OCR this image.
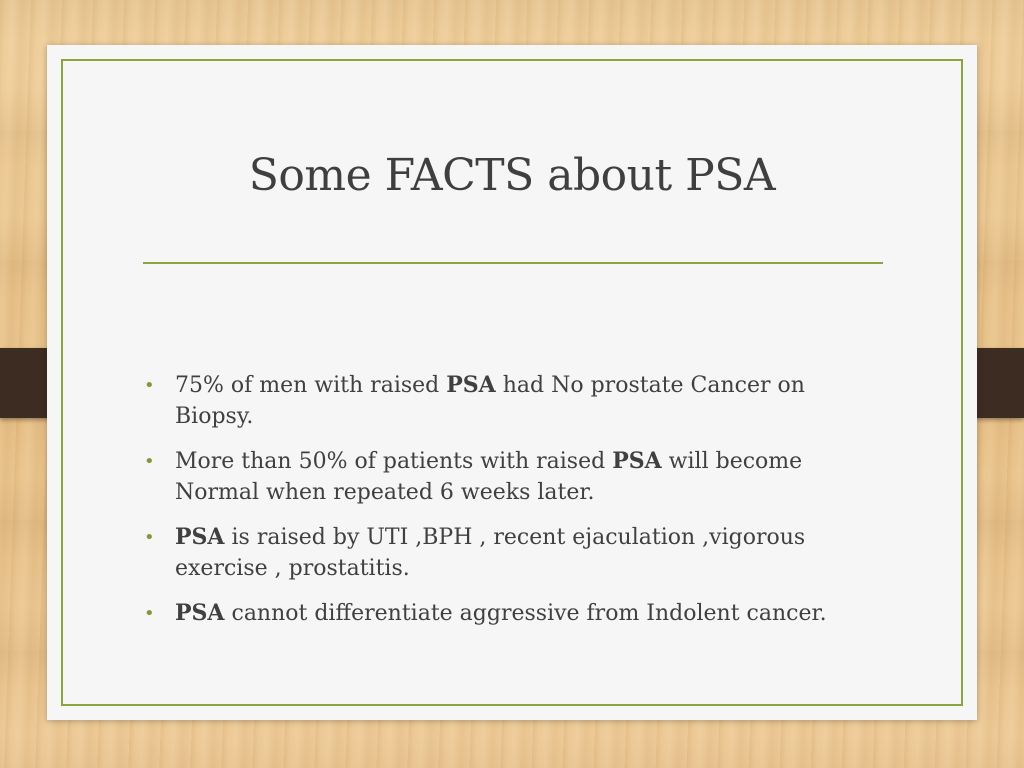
Some FACTS about PSA
• 75% of men with raised PSA had No prostate Cancer on Biopsy.
• More than 50% of patients with raised PSA will become Normal when repeated 6 weeks later.
• PSA is raised by UTI ,BPH , recent ejaculation ,vigorous exercise , prostatitis.
• PSA cannot differentiate aggressive from Indolent cancer.
